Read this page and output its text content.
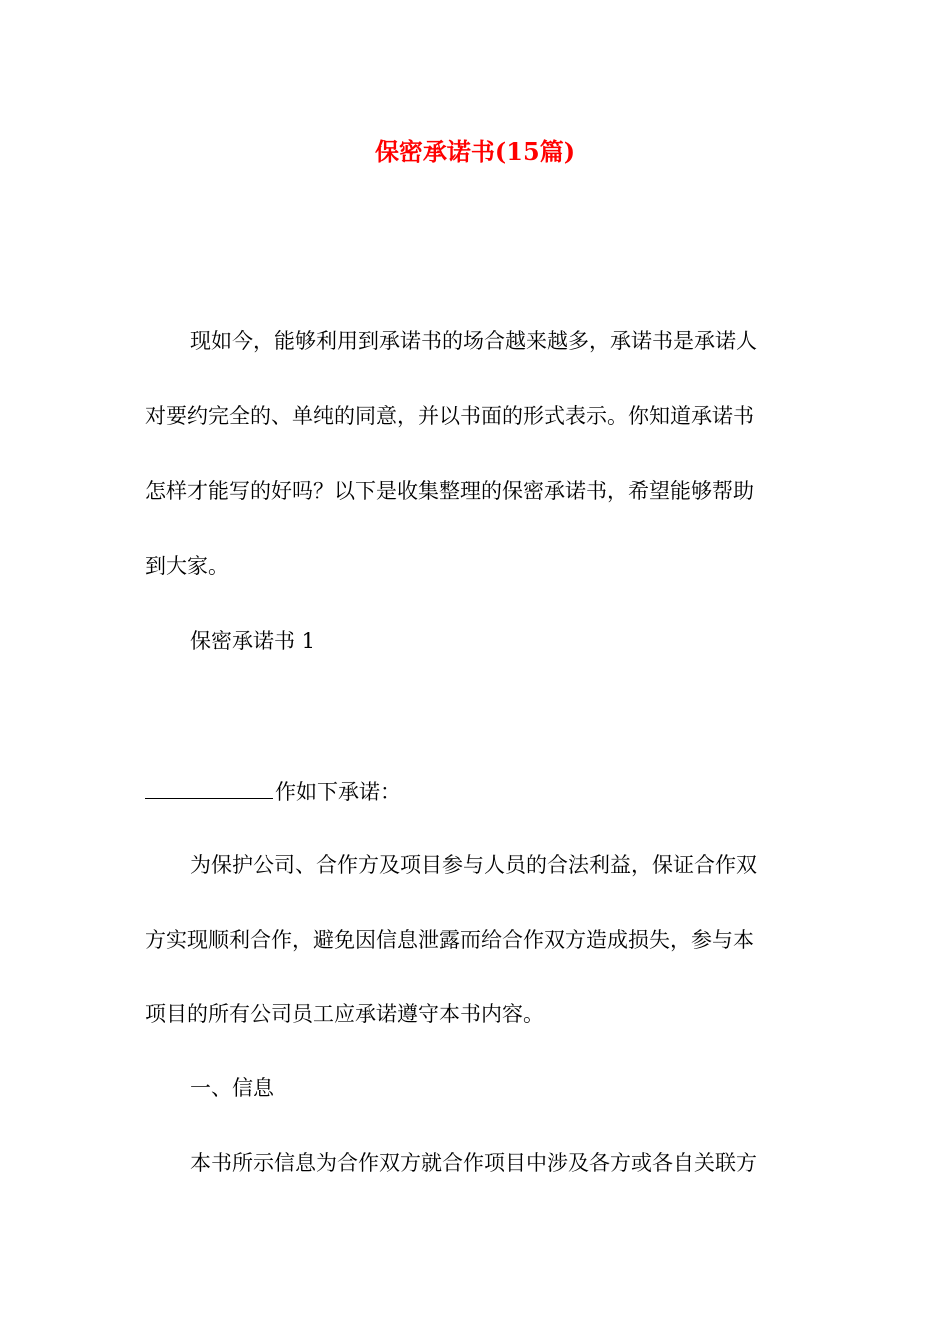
保密承诺书(15篇)
现如今，能够利用到承诺书的场合越来越多，承诺书是承诺人
对要约完全的、单纯的同意，并以书面的形式表示。你知道承诺书
怎样才能写的好吗？以下是收集整理的保密承诺书，希望能够帮助
到大家。
保密承诺书 1
作如下承诺：
为保护公司、合作方及项目参与人员的合法利益，保证合作双
方实现顺利合作，避免因信息泄露而给合作双方造成损失，参与本
项目的所有公司员工应承诺遵守本书内容。
一、信息
本书所示信息为合作双方就合作项目中涉及各方或各自关联方
